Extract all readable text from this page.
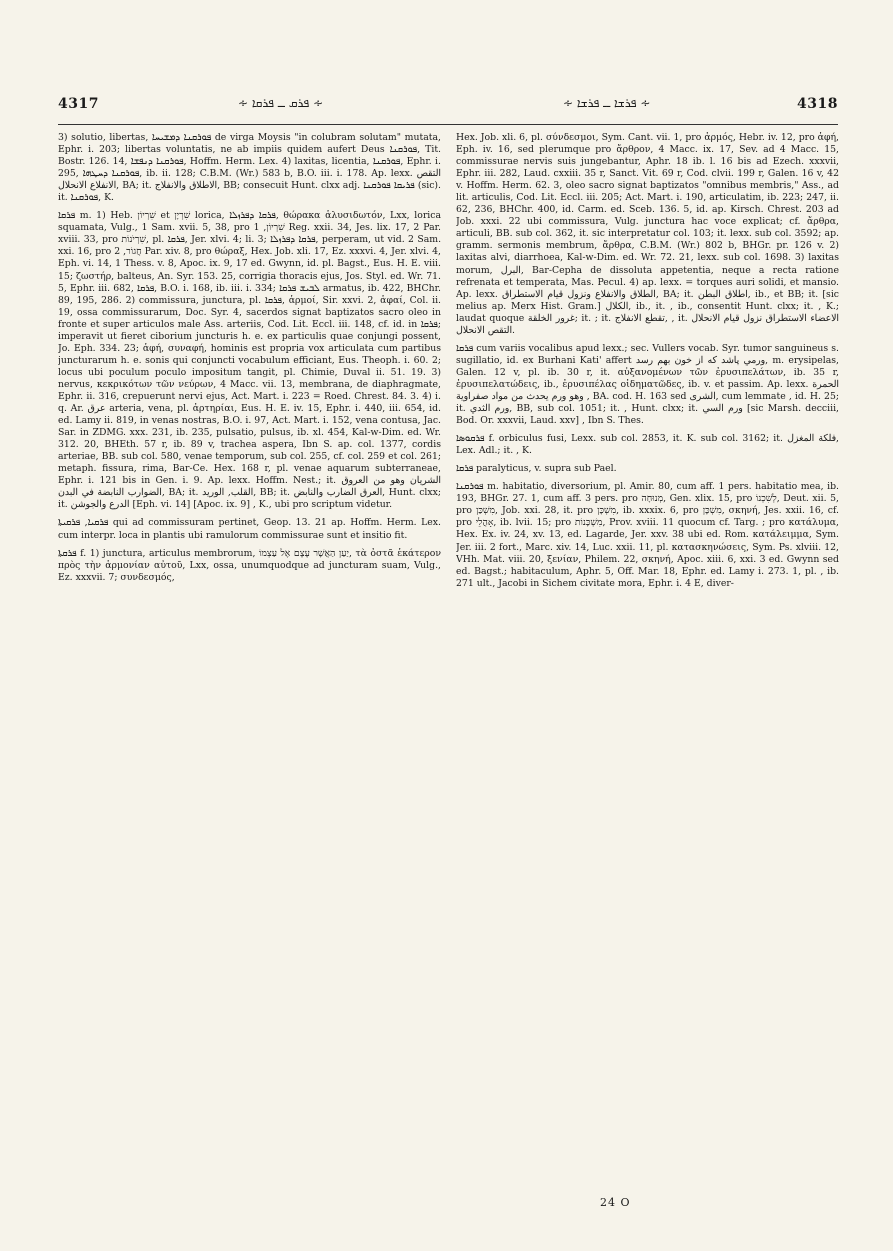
4317	∻ ܦܪܩ ــ ܦܪܩܐ ∻	∻ ܦܪܫܐ ــ ܦܪܫܐ ∻	4318

3) solutio, libertas, ܦܘܪܩܢܐ ܕܡܫܝܚܐ de virga Moysis "in colubram solutam" mutata, Ephr. i. 203; libertas voluntatis, ne ab impiis quidem aufert Deus ܦܘܪܩܢܐ, Tit. Bostr. 126. 14, ܦܘܪܩܢܐ ܕܢܦܫܐ, Hoffm. Herm. Lex. 4) laxitas, licentia, ܦܘܪܩܢܐ, Ephr. i. 295, ܦܘܪܩܢܐ ܕܚܛܗܐ, ib. ii. 128; C.B.M. (Wr.) 583 b, B.O. iii. i. 178. Ap. lexx. التقص الانفلاع الانحلال, BA; it. الاطلاق والانفلاج, BB; consecuit Hunt. clxx adj. ܦܪܝܩܐ ܦܘܪܩܢܐ (sic). it. ܦܘܪܩܢܐ, K.

ܦܪܩܐ m. 1) Heb. שִׁרְיוֹן et שִׁרְיָן lorica, ܦܪܩܐ ܕܦܪܙܠܐ, θώρακα ἁλυσιδωτόν, Lxx, lorica squamata, Vulg., 1 Sam. xvii. 5, 38, pro שִׁרְיוֹן, 1 Reg. xxii. 34, Jes. lix. 17, 2 Par. xviii. 33, pro שִׁרְיֹנוֹת, pl. ܦܪܩܐ, Jer. xlvi. 4; li. 3; ܦܪܩܐ ܕܦܪܙܠܐ, perperam, ut vid. 2 Sam. xxi. 16, pro חֲגוֹר, 2 Par. xiv. 8, pro θώραξ, Hex. Job. xli. 17, Ez. xxxvi. 4, Jer. xlvi. 4, Eph. vi. 14, 1 Thess. v. 8, Apoc. ix. 9, 17 ed. Gwynn, id. pl. Bagst., Eus. H. E. viii. 15; ζωστήρ, balteus, An. Syr. 153. 25, corrigia thoracis ejus, Jos. Styl. ed. Wr. 71. 5, Ephr. iii. 682, ܦܪܩܐ, B.O. i. 168, ib. iii. i. 334; ܠܒܝܫ ܦܪܩܐ armatus, ib. 422, BHChr. 89, 195, 286. 2) commissura, junctura, pl. ܦܪܩܐ, ἁρμοί, Sir. xxvi. 2, ἁφαί, Col. ii. 19, ossa commissurarum, Doc. Syr. 4, sacerdos signat baptizatos sacro oleo in fronte et super articulos male Ass. arteriis, Cod. Lit. Eccl. iii. 148, cf. id. in ܦܪܩܐ; imperavit ut fieret ciborium juncturis h. e. ex particulis quae conjungi possent, Jo. Eph. 334. 23; ἁφή, συναφή, hominis est propria vox articulata cum partibus juncturarum h. e. sonis qui conjuncti vocabulum efficiant, Eus. Theoph. i. 60. 2; locus ubi poculum poculo impositum tangit, pl. Chimie, Duval ii. 51. 19. 3) nervus, κεκρικότων τῶν νεύρων, 4 Macc. vii. 13, membrana, de diaphragmate, Ephr. ii. 316, crepuerunt nervi ejus, Act. Mart. i. 223 = Roed. Chrest. 84. 3. 4) i. q. Ar. عرق arteria, vena, pl. ἀρτηρίαι, Eus. H. E. iv. 15, Ephr. i. 440, iii. 654, id. ed. Lamy ii. 819, in venas nostras, B.O. i. 97, Act. Mart. i. 152, vena contusa, Jac. Sar. in ZDMG. xxx. 231, ib. 235, pulsatio, pulsus, ib. xl. 454, Kal-w-Dim. ed. Wr. 312. 20, BHEth. 57 r, ib. 89 v, trachea aspera, Ibn S. ap. col. 1377, cordis arteriae, BB. sub col. 580, venae temporum, sub col. 255, cf. col. 259 et col. 261; metaph. fissura, rima, Bar-Ce. Hex. 168 r, pl. venae aquarum subterraneae, Ephr. i. 121 bis in Gen. i. 9. Ap. lexx. Hoffm. Nest.; it. الشريان وهو من العروق الضوارب النابضة في البدن, BA; it. القلب, الوريد, BB; it. العرق الضارب والنابض, Hunt. clxx; it. الدرع والجوشن [Eph. vi. 14] [Apoc. ix. 9] , K., ubi pro scriptum videtur.

ܦܪܩܝܐ, ܦܪܩܝܬܐ qui ad commissuram pertinet, Geop. 13. 21 ap. Hoffm. Herm. Lex. cum interpr. loca in plantis ubi ramulorum commissurae sunt et insitio fit.

ܦܪܩܬܐ f. 1) junctura, articulus membrorum, יַעַן הַאֲשָׁר עֶצֶם אֶל עַצְמוֹ, τὰ ὀστᾶ ἑκάτερον πρὸς τὴν ἁρμονίαν αὐτοῦ, Lxx, ossa, unumquodque ad juncturam suam, Vulg., Ez. xxxvii. 7; συνδεσμός,

Hex. Job. xli. 6, pl. σύνδεσμοι, Sym. Cant. vii. 1, pro ἁρμός, Hebr. iv. 12, pro ἁφή, Eph. iv. 16, sed plerumque pro ἄρθρον, 4 Macc. ix. 17, Sev. ad 4 Macc. 15, commissurae nervis suis jungebantur, Aphr. 18 ib. l. 16 bis ad Ezech. xxxvii, Ephr. iii. 282, Laud. cxxiii. 35 r, Sanct. Vit. 69 r, Cod. clvii. 199 r, Galen. 16 v, 42 v. Hoffm. Herm. 62. 3, oleo sacro signat baptizatos "omnibus membris," Ass., ad lit. articulis, Cod. Lit. Eccl. iii. 205; Act. Mart. i. 190, articulatim, ib. 223; 247, ii. 62, 236, BHChr. 400, id. Carm. ed. Sceb. 136. 5, id. ap. Kirsch. Chrest. 203 ad Job. xxxi. 22 ubi commissura, Vulg. junctura hac voce explicat; cf. ἄρθρα, articuli, BB. sub col. 362, it. sic interpretatur col. 103; it. lexx. sub col. 3592; ap. gramm. sermonis membrum, ἄρθρα, C.B.M. (Wr.) 802 b, BHGr. pr. 126 v. 2) laxitas alvi, diarrhoea, Kal-w-Dim. ed. Wr. 72. 21, lexx. sub col. 1698. 3) laxitas morum, البرل, Bar-Cepha de dissoluta appetentia, neque a recta ratione refrenata et temperata, Mas. Pecul. 4) ap. lexx. = torques auri solidi, et mansio. Ap. lexx. الطلاق والانفلاع ونزول قيام الاستطراق, BA; it. اطلاق البطن, ib., et BB; it. [sic melius ap. Merx Hist. Gram.] الكلال, ib., it. , ib., consentit Hunt. clxx; it. , K.; laudat quoque غرور الخلقة; it. ; it. تقطع الانفلاج, , it. الاعضاء الاستطراق نزول قيام الانحلال التقص الانحلال.

ܦܪܩܐ cum variis vocalibus apud lexx.; sec. Vullers vocab. Syr. tumor sanguineus s. sugillatio, id. ex Burhani Kati' affert ورمي پاشد که از خون بهم رسد, m. erysipelas, Galen. 12 v, pl. ib. 30 r, it. αὐξανομένων τῶν ἐρυσιπελάτων, ib. 35 r, ἐρυσιπελατώδεις, ib., ἐρυσιπέλας οἰδηματῶδες, ib. v. et passim. Ap. lexx. الحمرة وهو ورم يحدث من مواد صفراوية , BA. cod. H. 163 sed الشرى, cum lemmate , id. H. 25; it. ورم الثدي, BB, sub col. 1051; it. , Hunt. clxx; it. ورم السي [sic Marsh. decciii, Bod. Or. xxxvii, Laud. xxv] , Ibn S. Thes.

ܦܪܩܘܣܐ f. orbiculus fusi, Lexx. sub col. 2853, it. K. sub col. 3162; it. فلكة المغزل, Lex. Adl.; it. , K.

ܦܪܩܐ paralyticus, v. supra sub Pael.

ܦܘܪܩܢܐ m. habitatio, diversorium, pl. Amir. 80, cum aff. 1 pers. habitatio mea, ib. 193, BHGr. 27. 1, cum aff. 3 pers. pro מְנוּחָה, Gen. xlix. 15, pro לְשִׁכְנוֹ, Deut. xii. 5, pro מִשְׁכַּן, Job. xxi. 28, it. pro מִשְׁכָּן, ib. xxxix. 6, pro מִשְׁכָּן, σκηνή, Jes. xxii. 16, cf. pro אָהֳלֵי, ib. lvii. 15; pro מִשְׁכָּנוֹת, Prov. xviii. 11 quocum cf. Targ. ; pro κατάλυμα, Hex. Ex. iv. 24, xv. 13, ed. Lagarde, Jer. xxv. 38 ubi ed. Rom. κατάλειμμα, Sym. Jer. iii. 2 fort., Marc. xiv. 14, Luc. xxii. 11, pl. κατασκηνώσεις, Sym. Ps. xlviii. 12, VHh. Mat. viii. 20, ξενίαν, Philem. 22, σκηνή, Apoc. xiii. 6, xxi. 3 ed. Gwynn sed ed. Bagst.; habitaculum, Aphr. 5, Off. Mar. 18, Ephr. ed. Lamy i. 273. 1, pl. , ib. 271 ult., Jacobi in Sichem civitate mora, Ephr. i. 4 E, diver-

24 O
